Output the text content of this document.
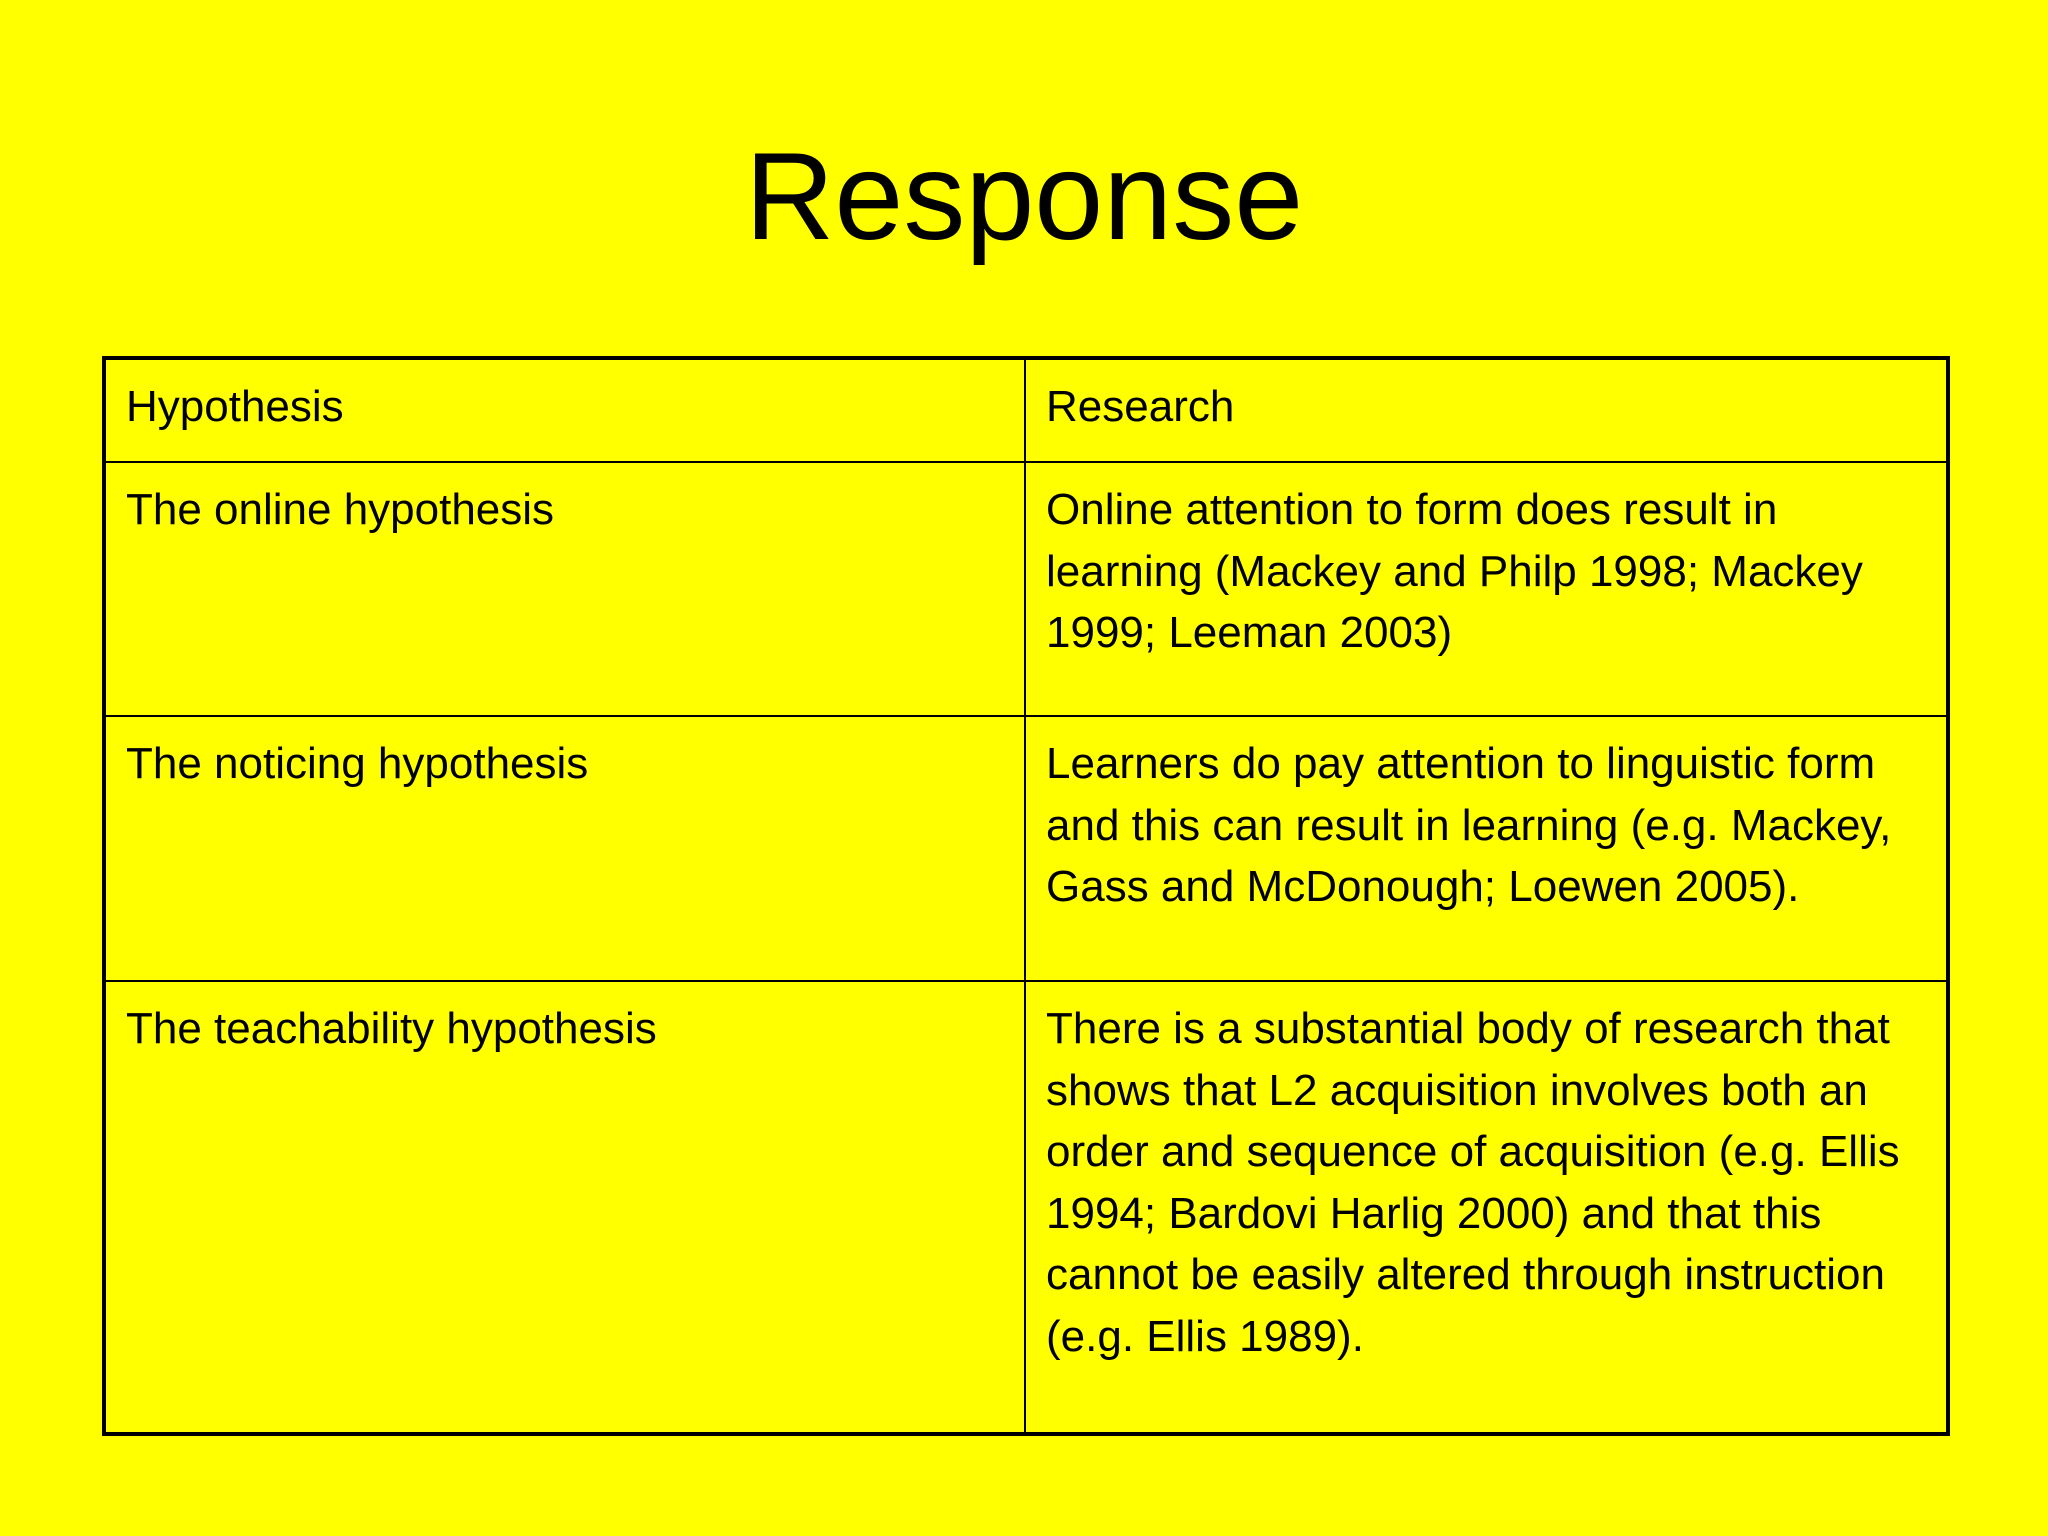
Response
Hypothesis	Research
The online hypothesis	Online attention to form does result in learning (Mackey and Philp 1998; Mackey 1999; Leeman 2003)
The noticing hypothesis	Learners do pay attention to linguistic form and this can result in learning (e.g. Mackey, Gass and McDonough; Loewen 2005).
The teachability hypothesis	There is a substantial body of research that shows that L2 acquisition involves both an order and sequence of acquisition (e.g. Ellis 1994; Bardovi Harlig 2000) and that this cannot be easily altered through instruction (e.g. Ellis 1989).
